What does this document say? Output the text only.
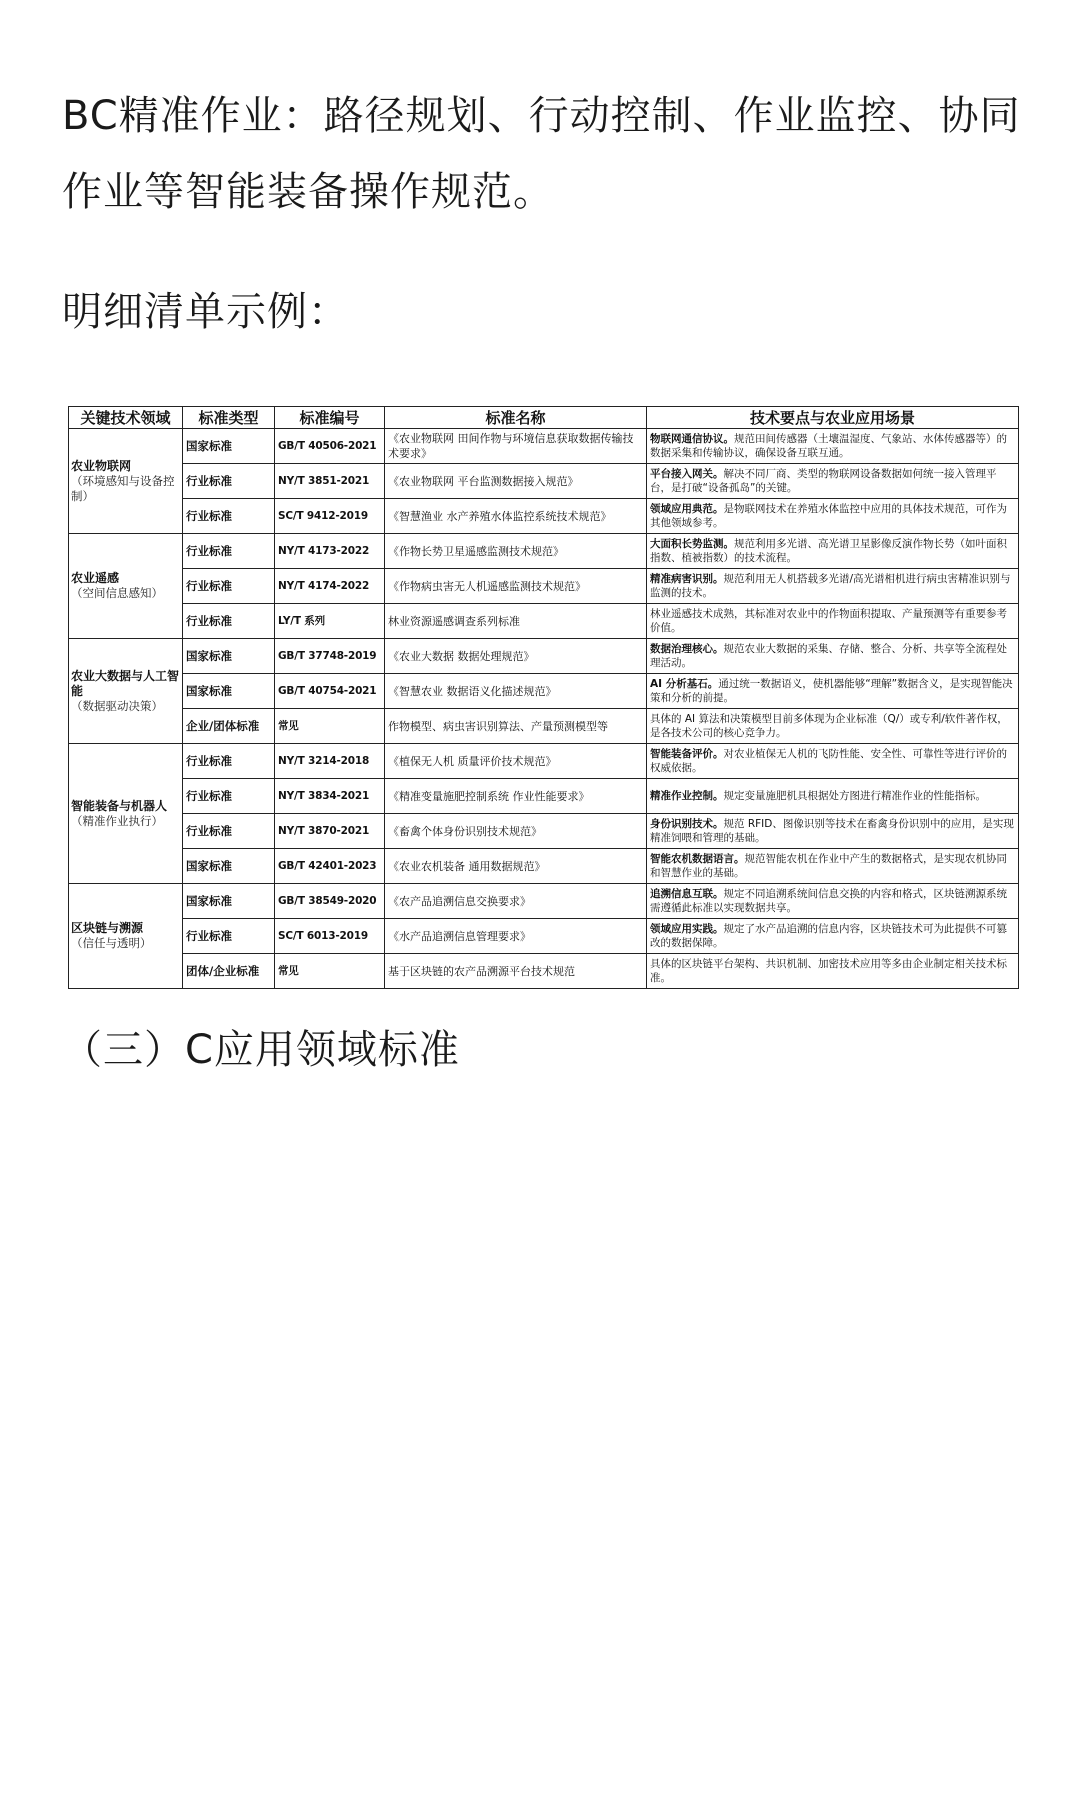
BC精准作业：路径规划、行动控制、作业监控、协同作业等智能装备操作规范。

明细清单示例：

关键技术领域	标准类型	标准编号	标准名称	技术要点与农业应用场景

农业物联网
（环境感知与设备控制）	国家标准	GB/T 40506-2021	《农业物联网 田间作物与环境信息获取数据传输技术要求》	物联网通信协议。规范田间传感器（土壤温湿度、气象站、水体传感器等）的数据采集和传输协议，确保设备互联互通。
	行业标准	NY/T 3851-2021	《农业物联网 平台监测数据接入规范》	平台接入网关。解决不同厂商、类型的物联网设备数据如何统一接入管理平台，是打破“设备孤岛”的关键。
	行业标准	SC/T 9412-2019	《智慧渔业 水产养殖水体监控系统技术规范》	领域应用典范。是物联网技术在养殖水体监控中应用的具体技术规范，可作为其他领域参考。

农业遥感
（空间信息感知）	行业标准	NY/T 4173-2022	《作物长势卫星遥感监测技术规范》	大面积长势监测。规范利用多光谱、高光谱卫星影像反演作物长势（如叶面积指数、植被指数）的技术流程。
	行业标准	NY/T 4174-2022	《作物病虫害无人机遥感监测技术规范》	精准病害识别。规范利用无人机搭载多光谱/高光谱相机进行病虫害精准识别与监测的技术。
	行业标准	LY/T 系列	林业资源遥感调查系列标准	林业遥感技术成熟，其标准对农业中的作物面积提取、产量预测等有重要参考价值。

农业大数据与人工智能
（数据驱动决策）	国家标准	GB/T 37748-2019	《农业大数据 数据处理规范》	数据治理核心。规范农业大数据的采集、存储、整合、分析、共享等全流程处理活动。
	国家标准	GB/T 40754-2021	《智慧农业 数据语义化描述规范》	AI 分析基石。通过统一数据语义，使机器能够“理解”数据含义，是实现智能决策和分析的前提。
	企业/团体标准	常见	作物模型、病虫害识别算法、产量预测模型等	具体的 AI 算法和决策模型目前多体现为企业标准（Q/）或专利/软件著作权，是各技术公司的核心竞争力。

智能装备与机器人
（精准作业执行）	行业标准	NY/T 3214-2018	《植保无人机 质量评价技术规范》	智能装备评价。对农业植保无人机的飞防性能、安全性、可靠性等进行评价的权威依据。
	行业标准	NY/T 3834-2021	《精准变量施肥控制系统 作业性能要求》	精准作业控制。规定变量施肥机具根据处方图进行精准作业的性能指标。
	行业标准	NY/T 3870-2021	《畜禽个体身份识别技术规范》	身份识别技术。规范 RFID、图像识别等技术在畜禽身份识别中的应用，是实现精准饲喂和管理的基础。
	国家标准	GB/T 42401-2023	《农业农机装备 通用数据规范》	智能农机数据语言。规范智能农机在作业中产生的数据格式，是实现农机协同和智慧作业的基础。

区块链与溯源
（信任与透明）	国家标准	GB/T 38549-2020	《农产品追溯信息交换要求》	追溯信息互联。规定不同追溯系统间信息交换的内容和格式，区块链溯源系统需遵循此标准以实现数据共享。
	行业标准	SC/T 6013-2019	《水产品追溯信息管理要求》	领域应用实践。规定了水产品追溯的信息内容，区块链技术可为此提供不可篡改的数据保障。
	团体/企业标准	常见	基于区块链的农产品溯源平台技术规范	具体的区块链平台架构、共识机制、加密技术应用等多由企业制定相关技术标准。

（三）C应用领域标准
